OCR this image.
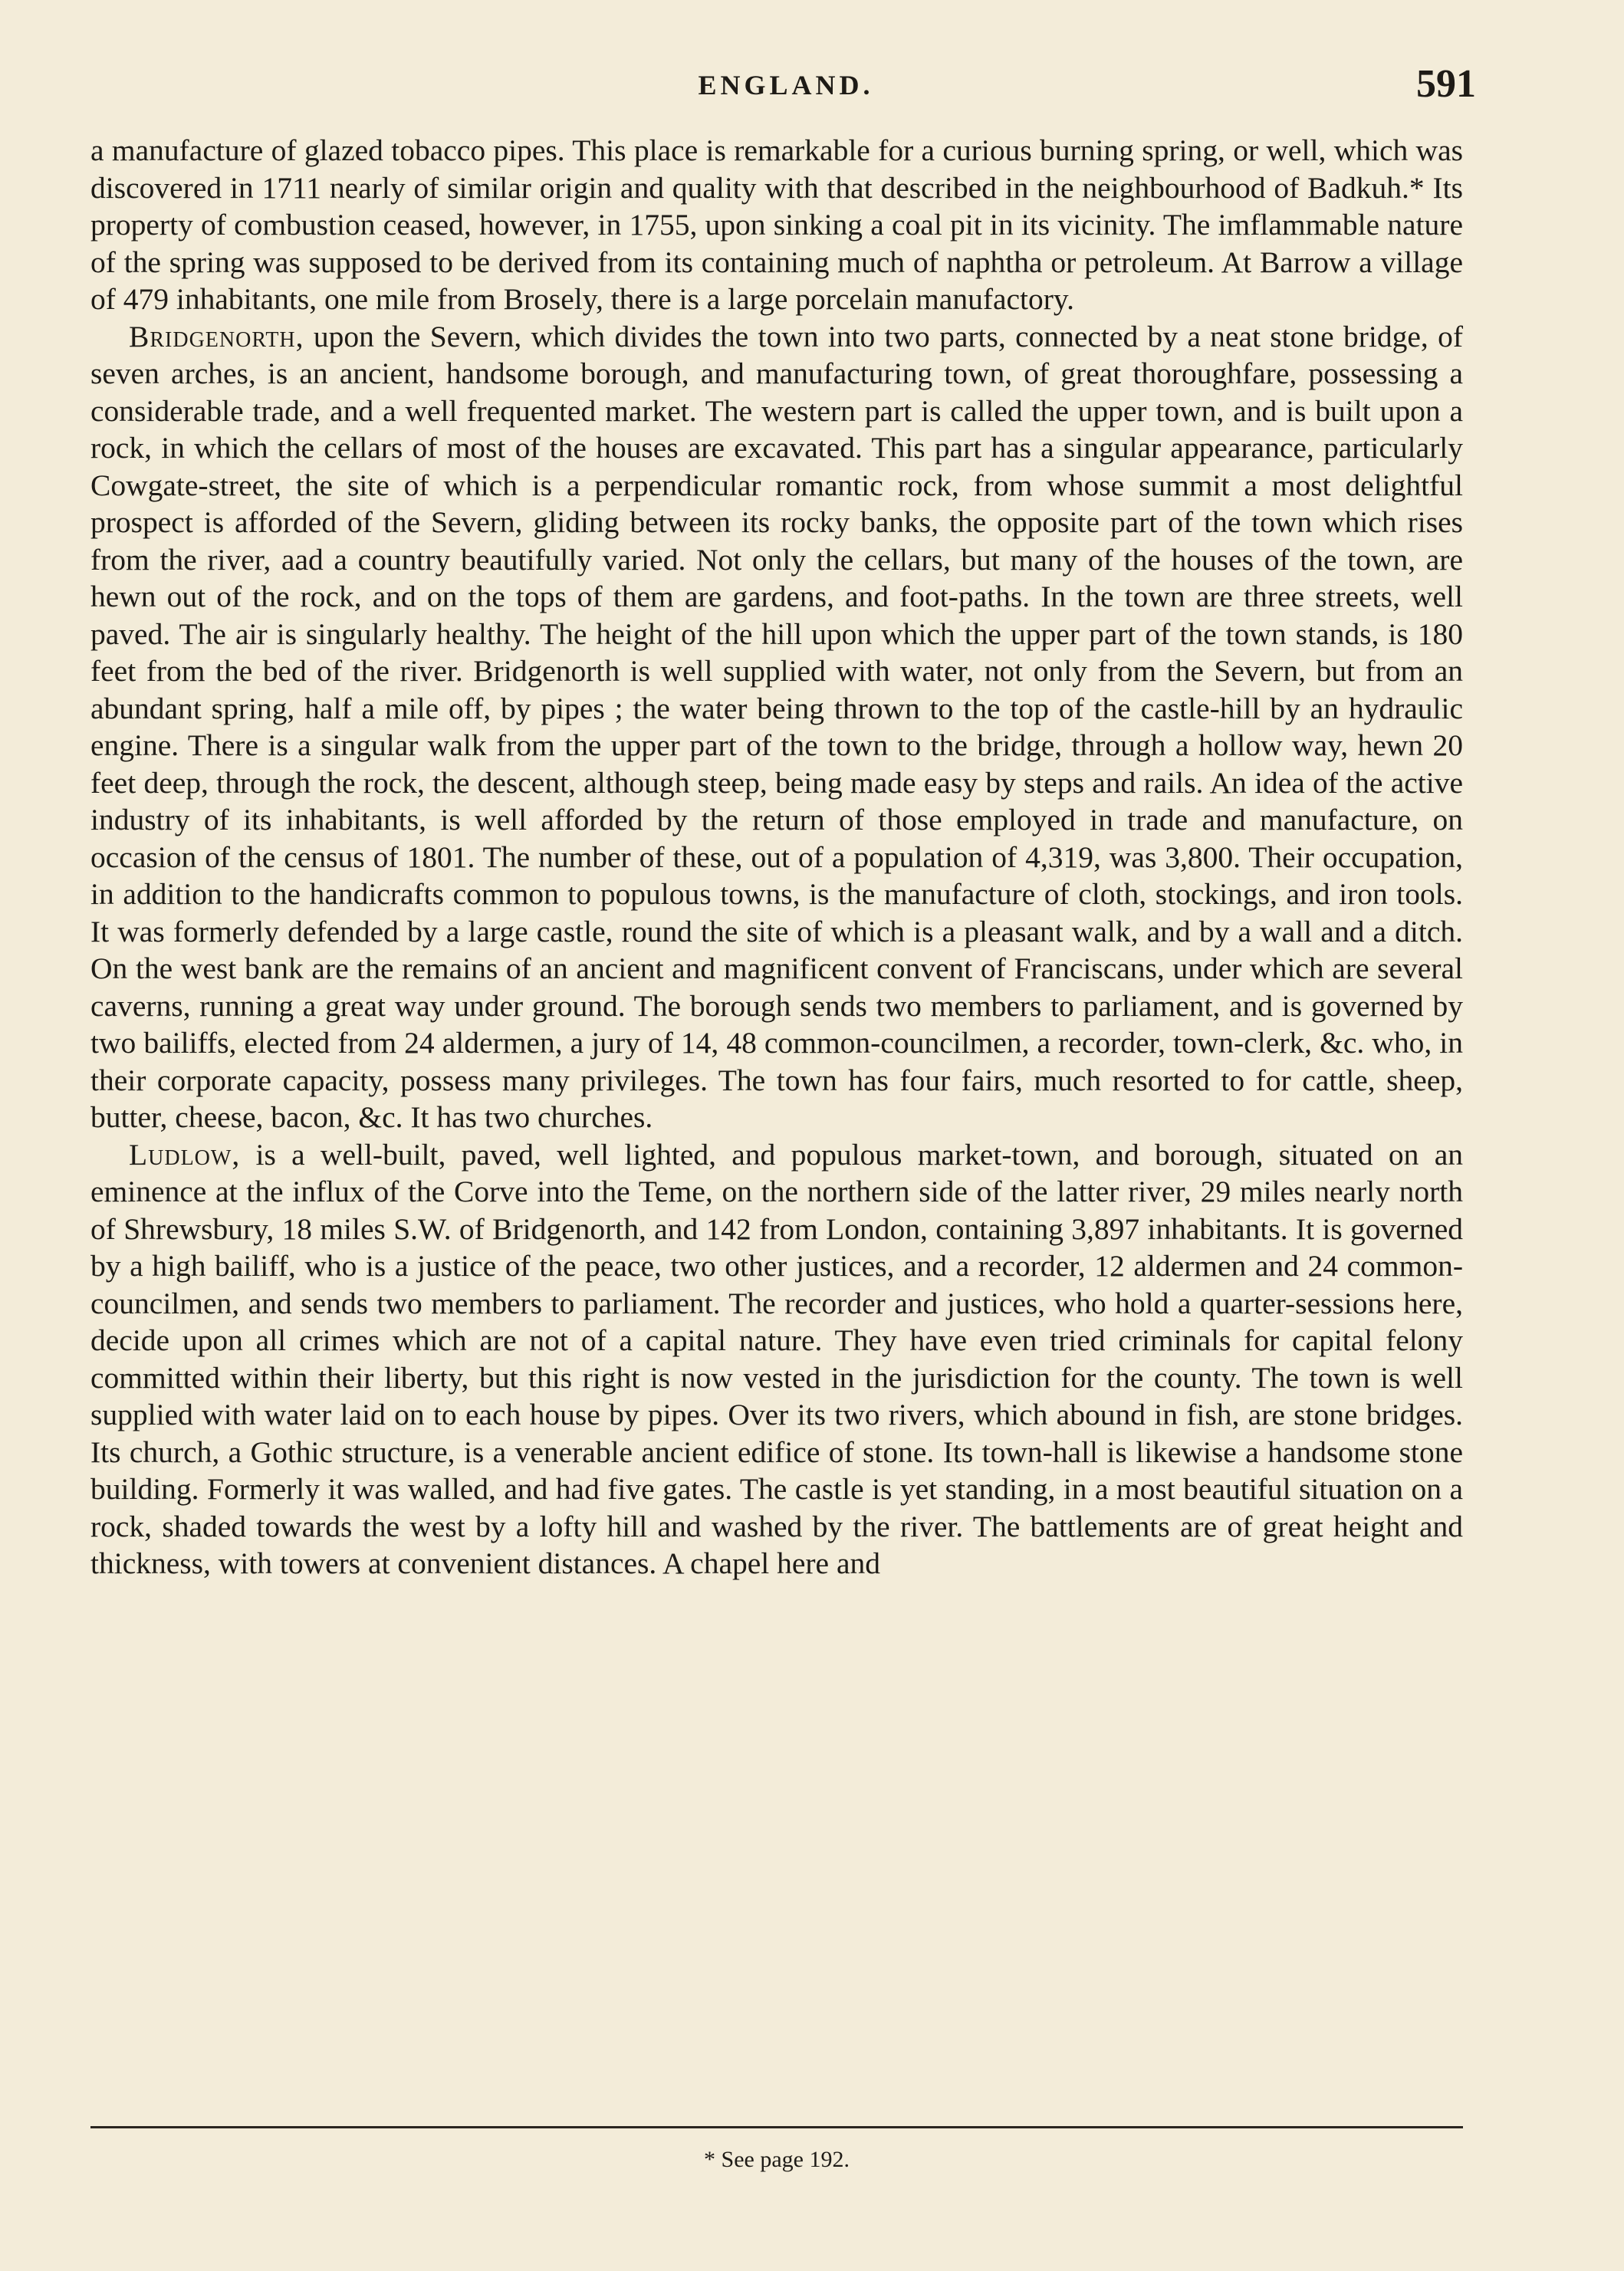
ENGLAND.	591

a manufacture of glazed tobacco pipes. This place is remarkable for a curious burning spring, or well, which was discovered in 1711 nearly of similar origin and quality with that described in the neighbourhood of Badkuh.* Its property of combustion ceased, however, in 1755, upon sinking a coal pit in its vicinity. The imflammable nature of the spring was supposed to be derived from its containing much of naphtha or petroleum. At Barrow a village of 479 inhabitants, one mile from Brosely, there is a large porcelain manufactory.

Bridgenorth, upon the Severn, which divides the town into two parts, connected by a neat stone bridge, of seven arches, is an ancient, handsome borough, and manufacturing town, of great thoroughfare, possessing a considerable trade, and a well frequented market. The western part is called the upper town, and is built upon a rock, in which the cellars of most of the houses are excavated. This part has a singular appearance, particularly Cowgate-street, the site of which is a perpendicular romantic rock, from whose summit a most delightful prospect is afforded of the Severn, gliding between its rocky banks, the opposite part of the town which rises from the river, aad a country beautifully varied. Not only the cellars, but many of the houses of the town, are hewn out of the rock, and on the tops of them are gardens, and foot-paths. In the town are three streets, well paved. The air is singularly healthy. The height of the hill upon which the upper part of the town stands, is 180 feet from the bed of the river. Bridgenorth is well supplied with water, not only from the Severn, but from an abundant spring, half a mile off, by pipes ; the water being thrown to the top of the castle-hill by an hydraulic engine. There is a singular walk from the upper part of the town to the bridge, through a hollow way, hewn 20 feet deep, through the rock, the descent, although steep, being made easy by steps and rails. An idea of the active industry of its inhabitants, is well afforded by the return of those employed in trade and manufacture, on occasion of the census of 1801. The number of these, out of a population of 4,319, was 3,800. Their occupation, in addition to the handicrafts common to populous towns, is the manufacture of cloth, stockings, and iron tools. It was formerly defended by a large castle, round the site of which is a pleasant walk, and by a wall and a ditch. On the west bank are the remains of an ancient and magnificent convent of Franciscans, under which are several caverns, running a great way under ground. The borough sends two members to parliament, and is governed by two bailiffs, elected from 24 aldermen, a jury of 14, 48 common-councilmen, a recorder, town-clerk, &c. who, in their corporate capacity, possess many privileges. The town has four fairs, much resorted to for cattle, sheep, butter, cheese, bacon, &c. It has two churches.

Ludlow, is a well-built, paved, well lighted, and populous market-town, and borough, situated on an eminence at the influx of the Corve into the Teme, on the northern side of the latter river, 29 miles nearly north of Shrewsbury, 18 miles S.W. of Bridgenorth, and 142 from London, containing 3,897 inhabitants. It is governed by a high bailiff, who is a justice of the peace, two other justices, and a recorder, 12 aldermen and 24 common-councilmen, and sends two members to parliament. The recorder and justices, who hold a quarter-sessions here, decide upon all crimes which are not of a capital nature. They have even tried criminals for capital felony committed within their liberty, but this right is now vested in the jurisdiction for the county. The town is well supplied with water laid on to each house by pipes. Over its two rivers, which abound in fish, are stone bridges. Its church, a Gothic structure, is a venerable ancient edifice of stone. Its town-hall is likewise a handsome stone building. Formerly it was walled, and had five gates. The castle is yet standing, in a most beautiful situation on a rock, shaded towards the west by a lofty hill and washed by the river. The battlements are of great height and thickness, with towers at convenient distances. A chapel here and

* See page 192.
